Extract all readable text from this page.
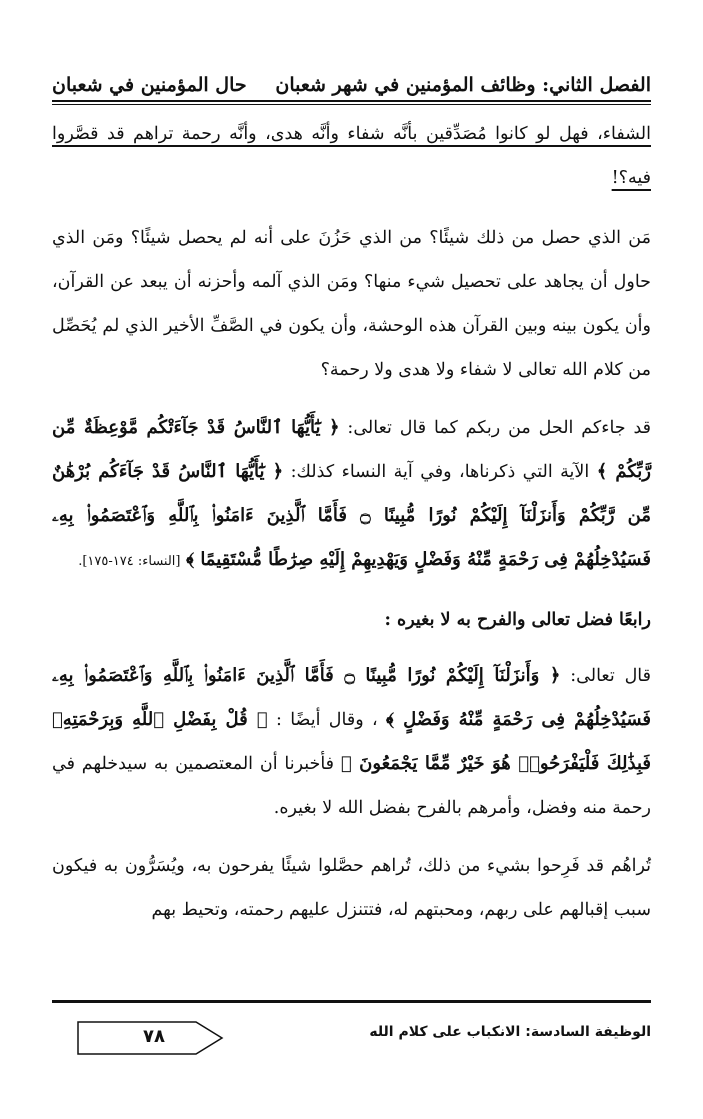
الفصل الثاني: وظائف المؤمنين في شهر شعبان
حال المؤمنين في شعبان

الشفاء، فهل لو كانوا مُصَدِّقين بأنَّه شفاء وأنَّه هدى، وأنَّه رحمة تراهم قد قصَّروا فيه؟!

مَن الذي حصل من ذلك شيئًا؟ من الذي حَزُنَ على أنه لم يحصل شيئًا؟ ومَن الذي حاول أن يجاهد على تحصيل شيء منها؟ ومَن الذي آلمه وأحزنه أن يبعد عن القرآن، وأن يكون بينه وبين القرآن هذه الوحشة، وأن يكون في الصَّفِّ الأخير الذي لم يُحَصِّل من كلام الله تعالى لا شفاء ولا هدى ولا رحمة؟

قد جاءكم الحل من ربكم كما قال تعالى: ﴿ يَٰٓأَيُّهَا ٱلنَّاسُ قَدْ جَآءَتْكُم مَّوْعِظَةٌ مِّن رَّبِّكُمْ ﴾ الآية التي ذكرناها، وفي آية النساء كذلك: ﴿ يَٰٓأَيُّهَا ٱلنَّاسُ قَدْ جَآءَكُم بُرْهَٰنٌ مِّن رَّبِّكُمْ وَأَنزَلْنَآ إِلَيْكُمْ نُورًا مُّبِينًا ۝ فَأَمَّا ٱلَّذِينَ ءَامَنُوا۟ بِٱللَّهِ وَٱعْتَصَمُوا۟ بِهِۦ فَسَيُدْخِلُهُمْ فِى رَحْمَةٍ مِّنْهُ وَفَضْلٍ وَيَهْدِيهِمْ إِلَيْهِ صِرَٰطًا مُّسْتَقِيمًا ﴾ [النساء: ١٧٤-١٧٥].

رابعًا فضل تعالى والفرح به لا بغيره :

قال تعالى: ﴿ وَأَنزَلْنَآ إِلَيْكُمْ نُورًا مُّبِينًا ۝ فَأَمَّا ٱلَّذِينَ ءَامَنُوا۟ بِٱللَّهِ وَٱعْتَصَمُوا۟ بِهِۦ فَسَيُدْخِلُهُمْ فِى رَحْمَةٍ مِّنْهُ وَفَضْلٍ ﴾ ، وقال أيضًا : ﴿ قُلْ بِفَضْلِ ٱللَّهِ وَبِرَحْمَتِهِۦ فَبِذَٰلِكَ فَلْيَفْرَحُوا۟ هُوَ خَيْرٌ مِّمَّا يَجْمَعُونَ ﴾ فأخبرنا أن المعتصمين به سيدخلهم في رحمة منه وفضل، وأمرهم بالفرح بفضل الله لا بغيره.

تُراهُم قد فَرِحوا بشيء من ذلك، تُراهم حصَّلوا شيئًا يفرحون به، ويُسَرُّون به فيكون سبب إقبالهم على ربهم، ومحبتهم له، فتتنزل عليهم رحمته، وتحيط بهم

الوظيفة السادسة: الانكباب على كلام الله
٧٨
